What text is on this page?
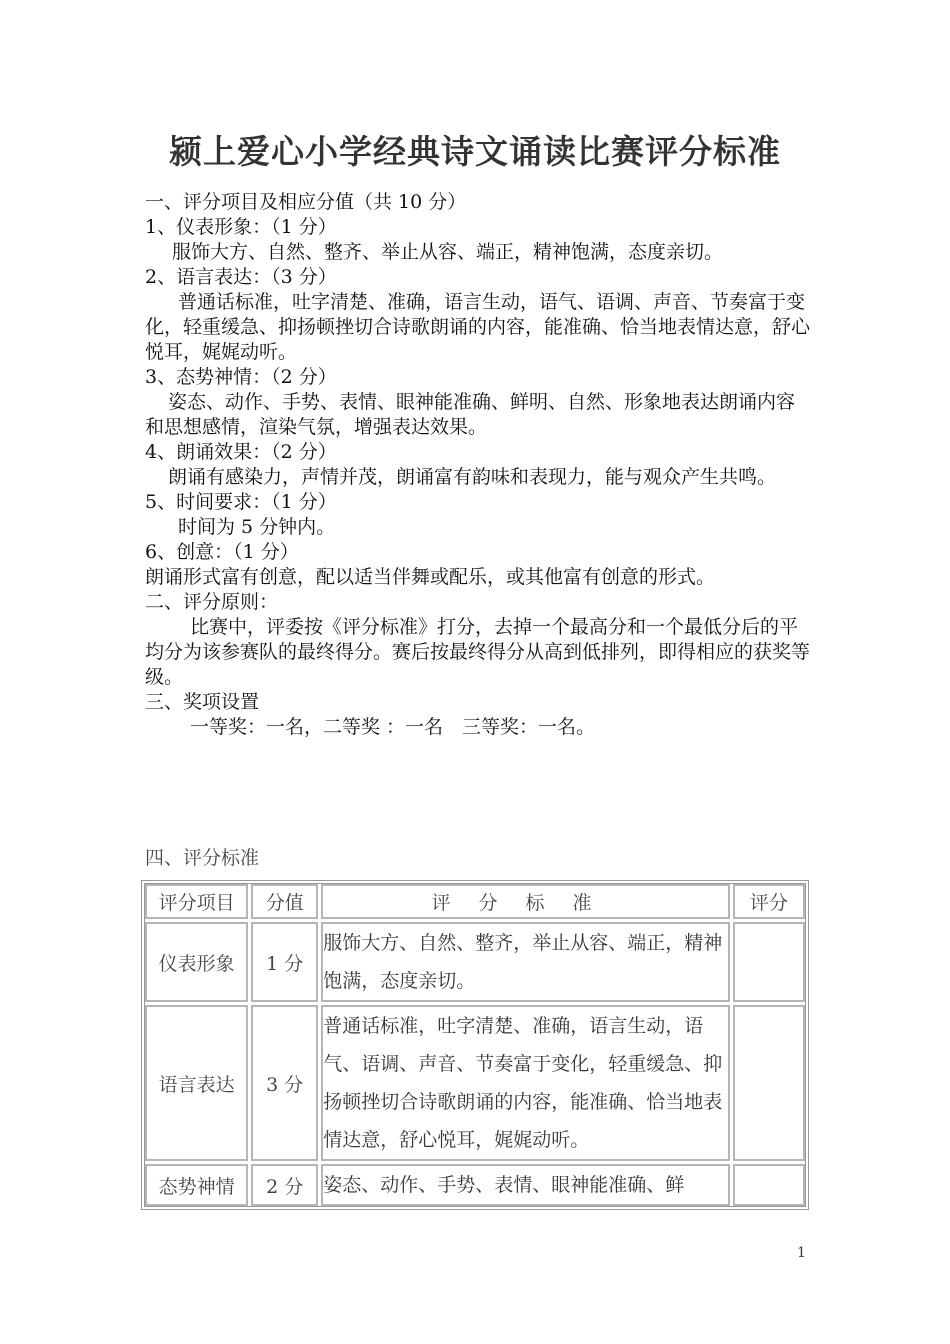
颍上爱心小学经典诗文诵读比赛评分标准

一、评分项目及相应分值（共 10 分）

1、仪表形象：（1 分）

服饰大方、自然、整齐、举止从容、端正，精神饱满，态度亲切。

2、语言表达：（3 分）

普通话标准，吐字清楚、准确，语言生动，语气、语调、声音、节奏富于变化，轻重缓急、抑扬顿挫切合诗歌朗诵的内容，能准确、恰当地表情达意，舒心悦耳，娓娓动听。

3、态势神情：（2 分）

姿态、动作、手势、表情、眼神能准确、鲜明、自然、形象地表达朗诵内容和思想感情，渲染气氛，增强表达效果。

4、朗诵效果：（2 分）

朗诵有感染力，声情并茂，朗诵富有韵味和表现力，能与观众产生共鸣。

5、时间要求：（1 分）

时间为 5 分钟内。

6、创意：（1 分）

朗诵形式富有创意，配以适当伴舞或配乐，或其他富有创意的形式。

二、评分原则：

比赛中，评委按《评分标准》打分，去掉一个最高分和一个最低分后的平均分为该参赛队的最终得分。赛后按最终得分从高到低排列，即得相应的获奖等级。

三、奖项设置

一等奖：一名，二等奖 ：一名　三等奖：一名。

四、评分标准
评分项目	分值	评分标准	评分
仪表形象	1 分	服饰大方、自然、整齐，举止从容、端正，精神饱满，态度亲切。	
语言表达	3 分	普通话标准，吐字清楚、准确，语言生动，语气、语调、声音、节奏富于变化，轻重缓急、抑扬顿挫切合诗歌朗诵的内容，能准确、恰当地表情达意，舒心悦耳，娓娓动听。	
态势神情	2 分	姿态、动作、手势、表情、眼神能准确、鲜	
1
